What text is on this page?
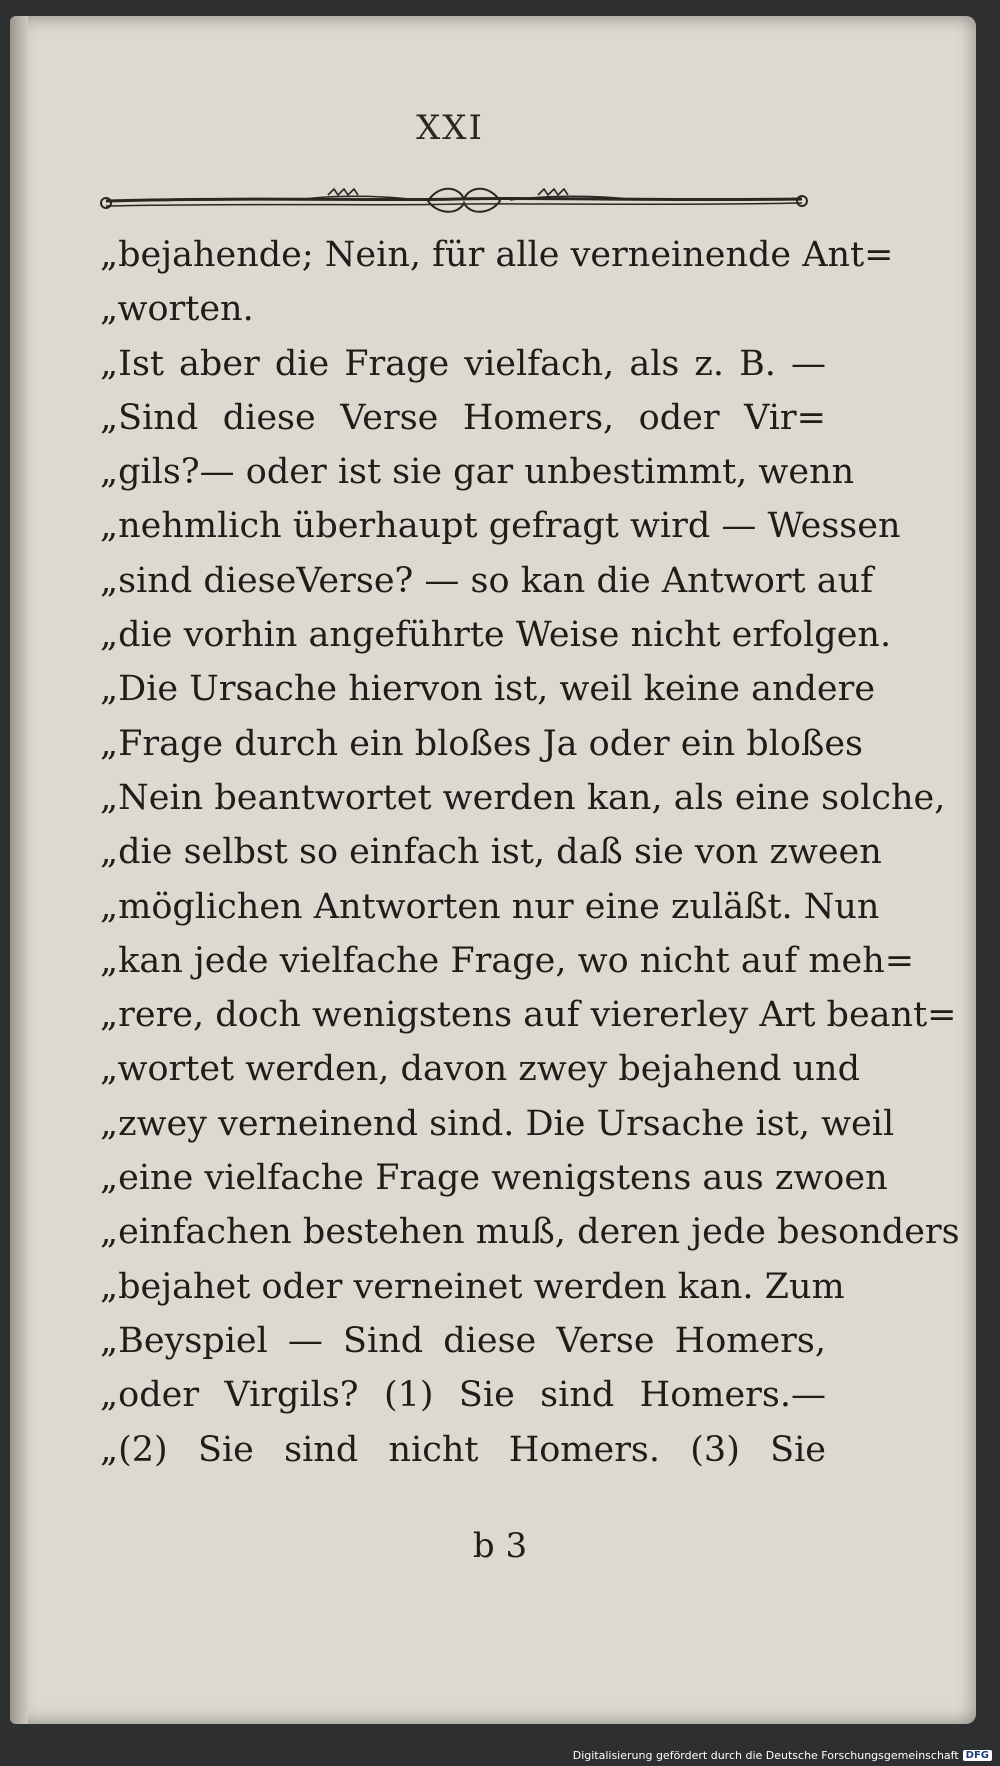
XXI
„bejahende; Nein, für alle verneinende Ant=
„worten.
„Ist aber die Frage vielfach, als z. B. —
„Sind diese Verse Homers, oder Vir=
„gils?— oder ist sie gar unbestimmt, wenn
„nehmlich überhaupt gefragt wird — Wessen
„sind dieseVerse? — so kan die Antwort auf
„die vorhin angeführte Weise nicht erfolgen.
„Die Ursache hiervon ist, weil keine andere
„Frage durch ein bloßes Ja oder ein bloßes
„Nein beantwortet werden kan, als eine solche,
„die selbst so einfach ist, daß sie von zween
„möglichen Antworten nur eine zuläßt. Nun
„kan jede vielfache Frage, wo nicht auf meh=
„rere, doch wenigstens auf viererley Art beant=
„wortet werden, davon zwey bejahend und
„zwey verneinend sind. Die Ursache ist, weil
„eine vielfache Frage wenigstens aus zwoen
„einfachen bestehen muß, deren jede besonders
„bejahet oder verneinet werden kan. Zum
„Beyspiel — Sind diese Verse Homers,
„oder Virgils? (1) Sie sind Homers.—
„(2) Sie sind nicht Homers. (3) Sie
b 3
Digitalisierung gefördert durch die Deutsche Forschungsgemeinschaft DFG
